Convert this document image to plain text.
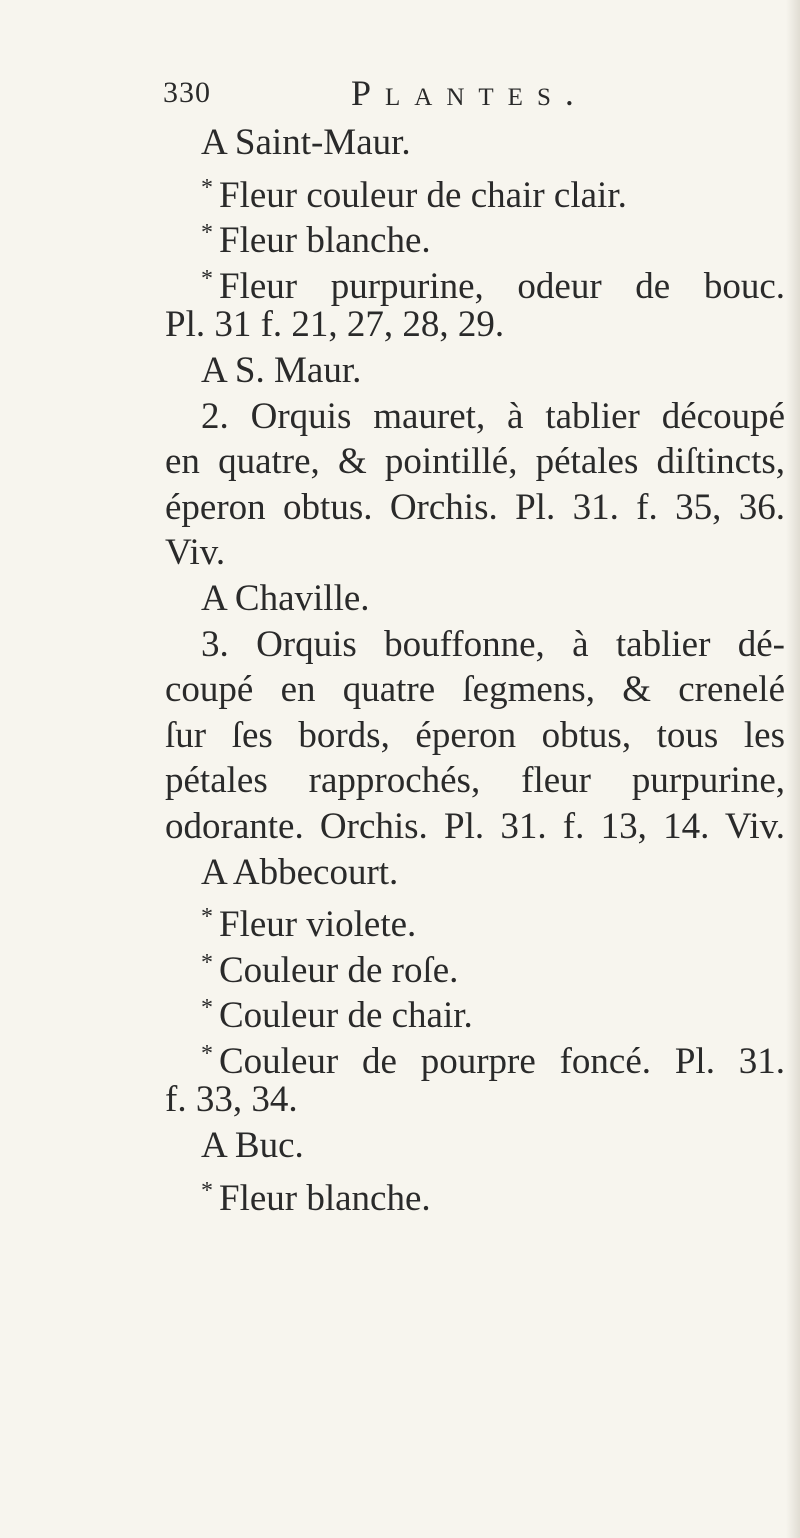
330	Plantes.
A Saint-Maur.
* Fleur couleur de chair clair.
* Fleur blanche.
* Fleur purpurine, odeur de bouc.
Pl. 31 f. 21, 27, 28, 29.
A S. Maur.
2. Orquis mauret, à tablier découpé
en quatre, & pointillé, pétales diſtincts,
éperon obtus. Orchis. Pl. 31. f. 35, 36.
Viv.
A Chaville.
3. Orquis bouffonne, à tablier dé-
coupé en quatre ſegmens, & crenelé
ſur ſes bords, éperon obtus, tous les
pétales rapprochés, fleur purpurine,
odorante. Orchis. Pl. 31. f. 13, 14. Viv.
A Abbecourt.
* Fleur violete.
* Couleur de roſe.
* Couleur de chair.
* Couleur de pourpre foncé. Pl. 31.
f. 33, 34.
A Buc.
* Fleur blanche.
